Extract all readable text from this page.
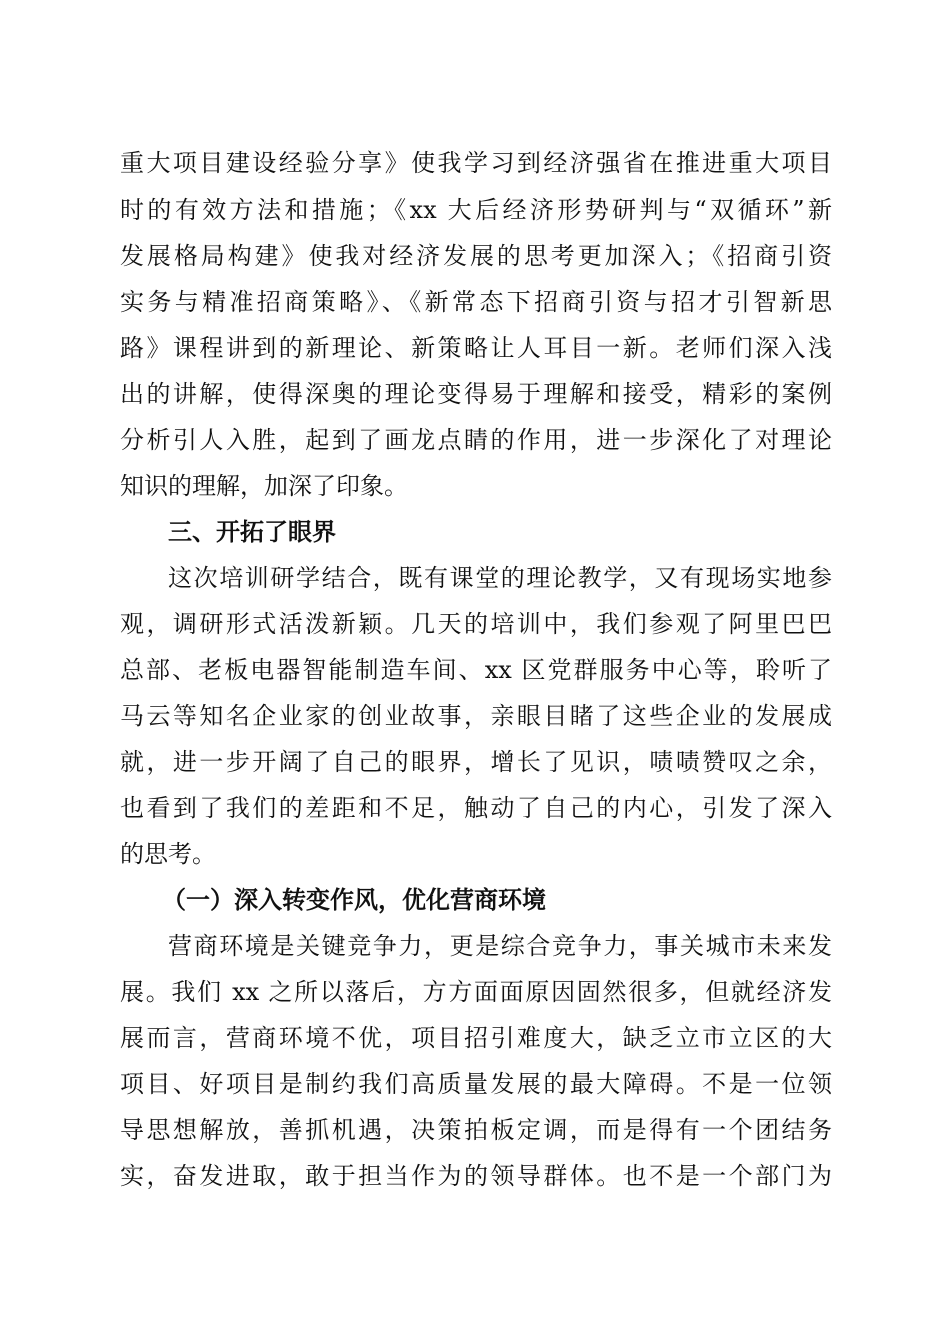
重大项目建设经验分享》使我学习到经济强省在推进重大项目
时的有效方法和措施；《xx 大后经济形势研判与“双循环”新
发展格局构建》使我对经济发展的思考更加深入；《招商引资
实务与精准招商策略》、《新常态下招商引资与招才引智新思
路》课程讲到的新理论、新策略让人耳目一新。老师们深入浅
出的讲解，使得深奥的理论变得易于理解和接受，精彩的案例
分析引人入胜，起到了画龙点睛的作用，进一步深化了对理论
知识的理解，加深了印象。
三、开拓了眼界
这次培训研学结合，既有课堂的理论教学，又有现场实地参
观，调研形式活泼新颖。几天的培训中，我们参观了阿里巴巴
总部、老板电器智能制造车间、xx 区党群服务中心等，聆听了
马云等知名企业家的创业故事，亲眼目睹了这些企业的发展成
就，进一步开阔了自己的眼界，增长了见识，啧啧赞叹之余，
也看到了我们的差距和不足，触动了自己的内心，引发了深入
的思考。
（一）深入转变作风，优化营商环境
营商环境是关键竞争力，更是综合竞争力，事关城市未来发
展。我们 xx 之所以落后，方方面面原因固然很多，但就经济发
展而言，营商环境不优，项目招引难度大，缺乏立市立区的大
项目、好项目是制约我们高质量发展的最大障碍。不是一位领
导思想解放，善抓机遇，决策拍板定调，而是得有一个团结务
实，奋发进取，敢于担当作为的领导群体。也不是一个部门为
